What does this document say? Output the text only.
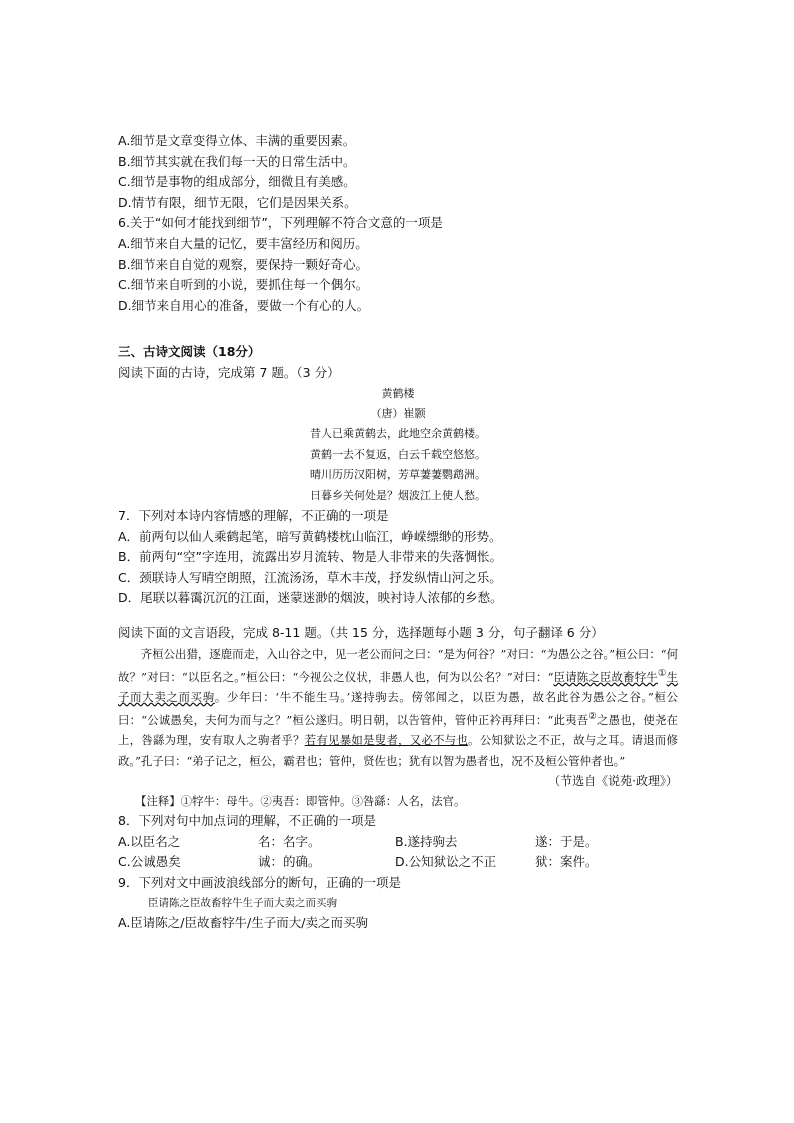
A.细节是文章变得立体、丰满的重要因素。
B.细节其实就在我们每一天的日常生活中。
C.细节是事物的组成部分，细微且有美感。
D.情节有限，细节无限，它们是因果关系。
6.关于“如何才能找到细节”，下列理解不符合文意的一项是
A.细节来自大量的记忆，要丰富经历和阅历。
B.细节来自自觉的观察，要保持一颗好奇心。
C.细节来自听到的小说，要抓住每一个偶尔。
D.细节来自用心的准备，要做一个有心的人。
三、古诗文阅读（18分）
阅读下面的古诗，完成第 7 题。（3 分）
黄鹤楼
（唐）崔颢
昔人已乘黄鹤去，此地空余黄鹤楼。
黄鹤一去不复返，白云千载空悠悠。
晴川历历汉阳树，芳草萋萋鹦鹉洲。
日暮乡关何处是？烟波江上使人愁。
7．下列对本诗内容情感的理解，不正确的一项是
A．前两句以仙人乘鹤起笔，暗写黄鹤楼枕山临江，峥嵘缥缈的形势。
B．前两句“空”字连用，流露出岁月流转、物是人非带来的失落惆怅。
C．颈联诗人写晴空朗照，江流汤汤，草木丰茂，抒发纵情山河之乐。
D．尾联以暮霭沉沉的江面，迷蒙迷渺的烟波，映衬诗人浓郁的乡愁。
阅读下面的文言语段，完成 8-11 题。（共 15 分，选择题每小题 3 分，句子翻译 6 分）

齐桓公出猎，逐鹿而走，入山谷之中，见一老公而问之曰：“是为何谷？”对曰：“为愚公之谷。”桓公曰：“何故？”对曰：“以臣名之。”桓公曰：“今视公之仪状，非愚人也，何为以公名？”对曰：“臣请陈之臣故畜牸牛①生子而大卖之而买驹。少年曰：‘牛不能生马。’遂持驹去。傍邻闻之，以臣为愚，故名此谷为愚公之谷。”桓公曰：“公诚愚矣，夫何为而与之？”桓公遂归。明日朝，以告管仲，管仲正衿再拜曰：“此夷吾②之愚也，使尧在上，咎繇为理，安有取人之驹者乎？若有见暴如是叟者，又必不与也。公知狱讼之不正，故与之耳。请退而修政。”孔子曰：“弟子记之，桓公，霸君也；管仲，贤佐也；犹有以智为愚者也，况不及桓公管仲者也。”

（节选自《说苑·政理》）
【注释】①牸牛：母牛。②夷吾：即管仲。③咎繇：人名，法官。
8．下列对句中加点词的理解，不正确的一项是
A.以臣名之	名：名字。	B.遂持驹去	遂：于是。
C.公诚愚矣	诚：的确。	D.公知狱讼之不正	狱：案件。
9．下列对文中画波浪线部分的断句，正确的一项是
臣请陈之臣故畜牸牛生子而大卖之而买驹
A.臣请陈之/臣故畜牸牛/生子而大/卖之而买驹
